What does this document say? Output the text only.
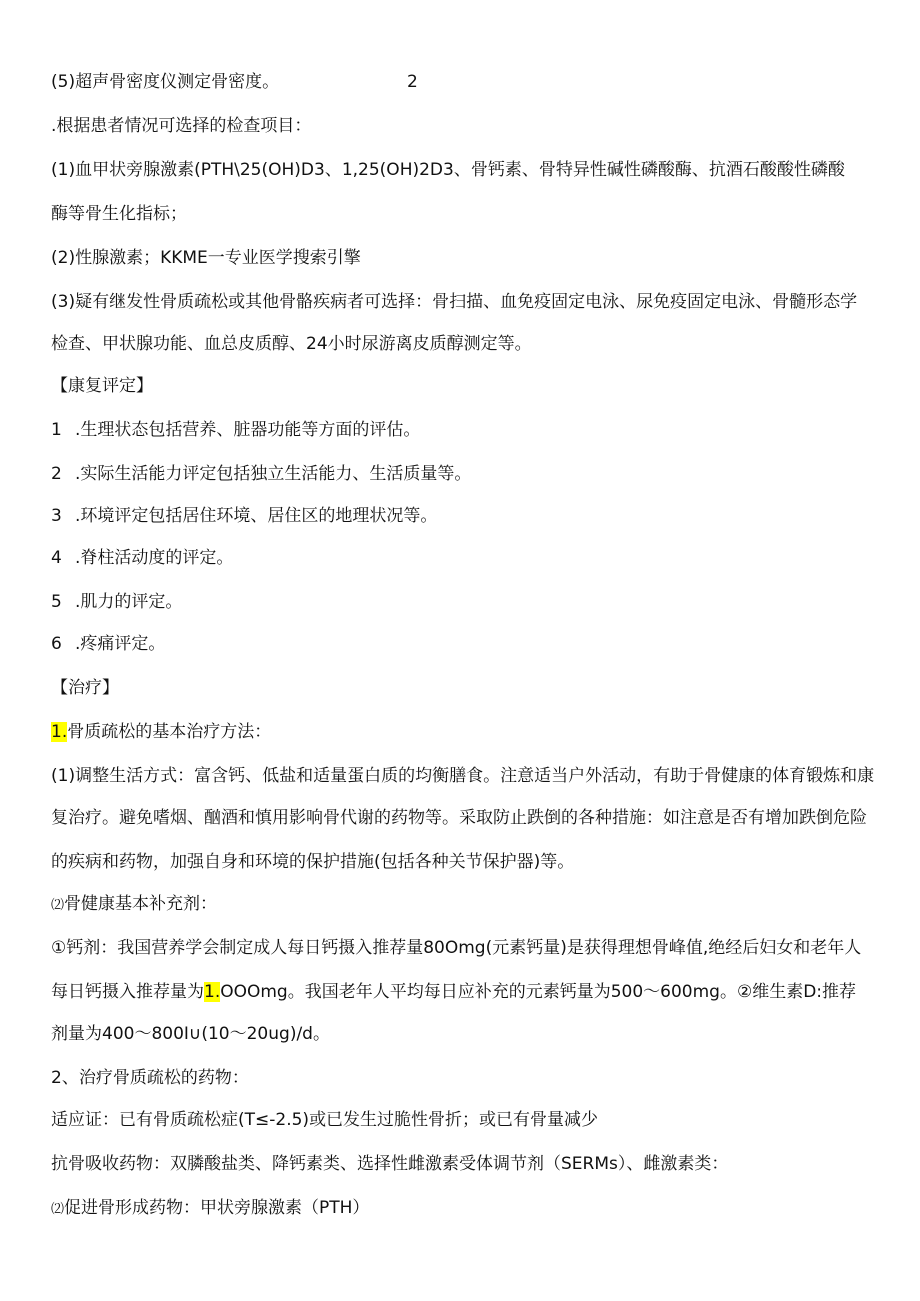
(5)超声骨密度仪测定骨密度。	2
.根据患者情况可选择的检查项目：
(1)血甲状旁腺激素(PTH\25(OH)D3、1,25(OH)2D3、骨钙素、骨特异性碱性磷酸酶、抗酒石酸酸性磷酸
酶等骨生化指标；
(2)性腺激素；KKME一专业医学搜索引擎
(3)疑有继发性骨质疏松或其他骨骼疾病者可选择：骨扫描、血免疫固定电泳、尿免疫固定电泳、骨髓形态学
检查、甲状腺功能、血总皮质醇、24小时尿游离皮质醇测定等。
【康复评定】
1 .生理状态包括营养、脏器功能等方面的评估。
2 .实际生活能力评定包括独立生活能力、生活质量等。
3 .环境评定包括居住环境、居住区的地理状况等。
4 .脊柱活动度的评定。
5 .肌力的评定。
6 .疼痛评定。
【治疗】
1.骨质疏松的基本治疗方法：
(1)调整生活方式：富含钙、低盐和适量蛋白质的均衡膳食。注意适当户外活动，有助于骨健康的体育锻炼和康
复治疗。避免嗜烟、酗酒和慎用影响骨代谢的药物等。采取防止跌倒的各种措施：如注意是否有增加跌倒危险
的疾病和药物，加强自身和环境的保护措施(包括各种关节保护器)等。
⑵骨健康基本补充剂：
①钙剂：我国营养学会制定成人每日钙摄入推荐量80Omg(元素钙量)是获得理想骨峰值,绝经后妇女和老年人
每日钙摄入推荐量为1.OOOmg。我国老年人平均每日应补充的元素钙量为500〜600mg。②维生素D:推荐
剂量为400〜800I∪(10〜20ug)∕d。
2、治疗骨质疏松的药物：
适应证：已有骨质疏松症(T≤-2.5)或已发生过脆性骨折；或已有骨量减少
抗骨吸收药物：双膦酸盐类、降钙素类、选择性雌激素受体调节剂（SERMs）、雌激素类：
⑵促进骨形成药物：甲状旁腺激素（PTH）
